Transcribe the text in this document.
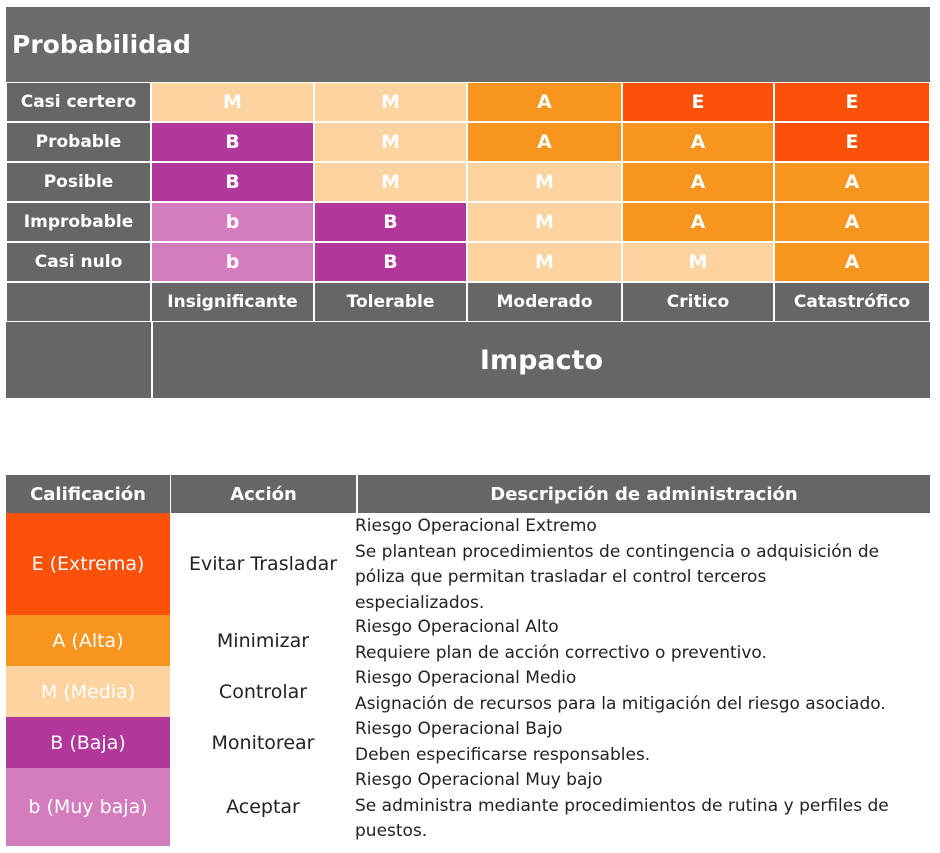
Probabilidad
Casi certero	M	M	A	E	E
Probable	B	M	A	A	E
Posible	B	M	M	A	A
Improbable	b	B	M	A	A
Casi nulo	b	B	M	M	A
Insignificante	Tolerable	Moderado	Critico	Catastrófico
Impacto
Calificación	Acción	Descripción de administración
E (Extrema)	Evitar Trasladar
Riesgo Operacional Extremo
Se plantean procedimientos de contingencia o adquisición de
póliza que permitan trasladar el control terceros
especializados.
A (Alta)	Minimizar
Riesgo Operacional Alto
Requiere plan de acción correctivo o preventivo.
M (Media)	Controlar
Riesgo Operacional Medio
Asignación de recursos para la mitigación del riesgo asociado.
B (Baja)	Monitorear
Riesgo Operacional Bajo
Deben especificarse responsables.
b (Muy baja)	Aceptar
Riesgo Operacional Muy bajo
Se administra mediante procedimientos de rutina y perfiles de
puestos.
